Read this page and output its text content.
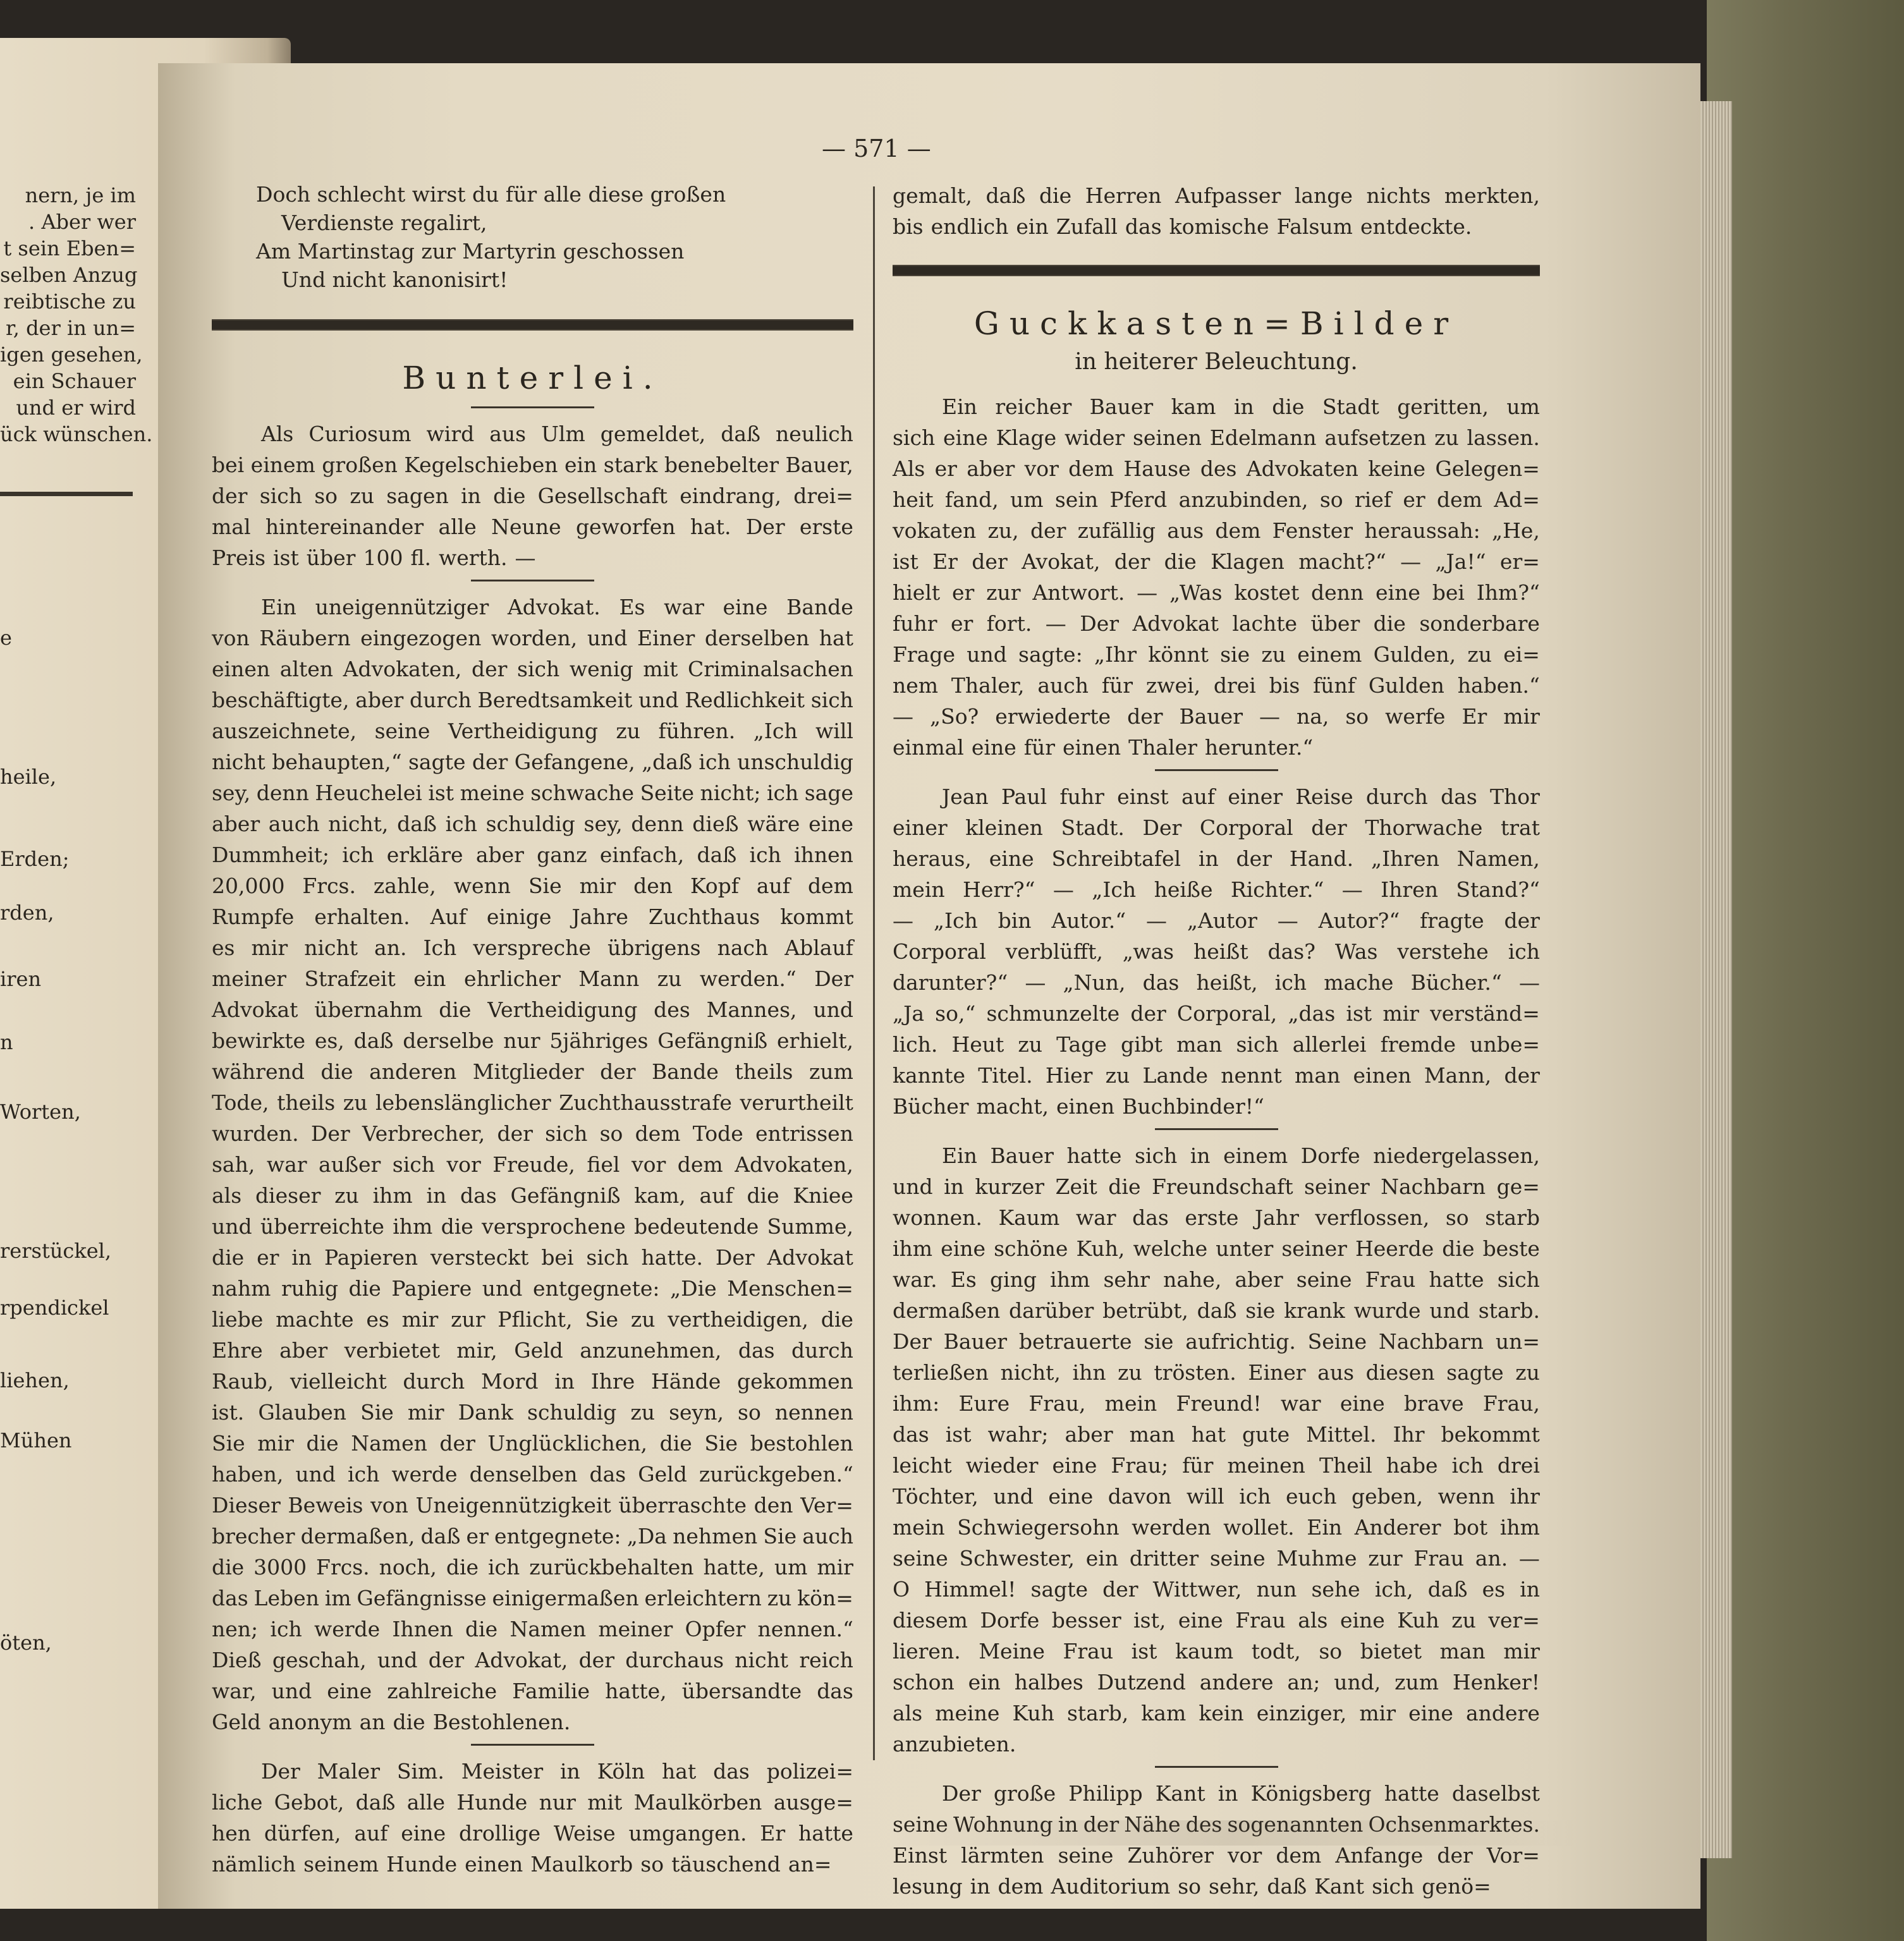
nern, je im
. Aber wer
t sein Eben=
selben Anzug
reibtische zu
r, der in un=
igen gesehen,
ein Schauer
und er wird
ück wünschen.
e
heile,
Erden;
rden,
iren
n
Worten,
rerstückel,
rpendickel
liehen,
Mühen
öten,
— 571 —
Doch schlecht wirst du für alle diese großen
Verdienste regalirt,
Am Martinstag zur Martyrin geschossen
Und nicht kanonisirt!
Bunterlei.
Als Curiosum wird aus Ulm gemeldet, daß neulich
bei einem großen Kegelschieben ein stark benebelter Bauer,
der sich so zu sagen in die Gesellschaft eindrang, drei=
mal hintereinander alle Neune geworfen hat. Der erste
Preis ist über 100 fl. werth. —
Ein uneigennütziger Advokat. Es war eine Bande
von Räubern eingezogen worden, und Einer derselben hat
einen alten Advokaten, der sich wenig mit Criminalsachen
beschäftigte, aber durch Beredtsamkeit und Redlichkeit sich
auszeichnete, seine Vertheidigung zu führen. „Ich will
nicht behaupten,“ sagte der Gefangene, „daß ich unschuldig
sey, denn Heuchelei ist meine schwache Seite nicht; ich sage
aber auch nicht, daß ich schuldig sey, denn dieß wäre eine
Dummheit; ich erkläre aber ganz einfach, daß ich ihnen
20,000 Frcs. zahle, wenn Sie mir den Kopf auf dem
Rumpfe erhalten. Auf einige Jahre Zuchthaus kommt
es mir nicht an. Ich verspreche übrigens nach Ablauf
meiner Strafzeit ein ehrlicher Mann zu werden.“ Der
Advokat übernahm die Vertheidigung des Mannes, und
bewirkte es, daß derselbe nur 5jähriges Gefängniß erhielt,
während die anderen Mitglieder der Bande theils zum
Tode, theils zu lebenslänglicher Zuchthausstrafe verurtheilt
wurden. Der Verbrecher, der sich so dem Tode entrissen
sah, war außer sich vor Freude, fiel vor dem Advokaten,
als dieser zu ihm in das Gefängniß kam, auf die Kniee
und überreichte ihm die versprochene bedeutende Summe,
die er in Papieren versteckt bei sich hatte. Der Advokat
nahm ruhig die Papiere und entgegnete: „Die Menschen=
liebe machte es mir zur Pflicht, Sie zu vertheidigen, die
Ehre aber verbietet mir, Geld anzunehmen, das durch
Raub, vielleicht durch Mord in Ihre Hände gekommen
ist. Glauben Sie mir Dank schuldig zu seyn, so nennen
Sie mir die Namen der Unglücklichen, die Sie bestohlen
haben, und ich werde denselben das Geld zurückgeben.“
Dieser Beweis von Uneigennützigkeit überraschte den Ver=
brecher dermaßen, daß er entgegnete: „Da nehmen Sie auch
die 3000 Frcs. noch, die ich zurückbehalten hatte, um mir
das Leben im Gefängnisse einigermaßen erleichtern zu kön=
nen; ich werde Ihnen die Namen meiner Opfer nennen.“
Dieß geschah, und der Advokat, der durchaus nicht reich
war, und eine zahlreiche Familie hatte, übersandte das
Geld anonym an die Bestohlenen.
Der Maler Sim. Meister in Köln hat das polizei=
liche Gebot, daß alle Hunde nur mit Maulkörben ausge=
hen dürfen, auf eine drollige Weise umgangen. Er hatte
nämlich seinem Hunde einen Maulkorb so täuschend an=
gemalt, daß die Herren Aufpasser lange nichts merkten,
bis endlich ein Zufall das komische Falsum entdeckte.
Guckkasten=Bilder
in heiterer Beleuchtung.
Ein reicher Bauer kam in die Stadt geritten, um
sich eine Klage wider seinen Edelmann aufsetzen zu lassen.
Als er aber vor dem Hause des Advokaten keine Gelegen=
heit fand, um sein Pferd anzubinden, so rief er dem Ad=
vokaten zu, der zufällig aus dem Fenster heraussah: „He,
ist Er der Avokat, der die Klagen macht?“ — „Ja!“ er=
hielt er zur Antwort. — „Was kostet denn eine bei Ihm?“
fuhr er fort. — Der Advokat lachte über die sonderbare
Frage und sagte: „Ihr könnt sie zu einem Gulden, zu ei=
nem Thaler, auch für zwei, drei bis fünf Gulden haben.“
— „So? erwiederte der Bauer — na, so werfe Er mir
einmal eine für einen Thaler herunter.“
Jean Paul fuhr einst auf einer Reise durch das Thor
einer kleinen Stadt. Der Corporal der Thorwache trat
heraus, eine Schreibtafel in der Hand. „Ihren Namen,
mein Herr?“ — „Ich heiße Richter.“ — Ihren Stand?“
— „Ich bin Autor.“ — „Autor — Autor?“ fragte der
Corporal verblüfft, „was heißt das? Was verstehe ich
darunter?“ — „Nun, das heißt, ich mache Bücher.“ —
„Ja so,“ schmunzelte der Corporal, „das ist mir verständ=
lich. Heut zu Tage gibt man sich allerlei fremde unbe=
kannte Titel. Hier zu Lande nennt man einen Mann, der
Bücher macht, einen Buchbinder!“
Ein Bauer hatte sich in einem Dorfe niedergelassen,
und in kurzer Zeit die Freundschaft seiner Nachbarn ge=
wonnen. Kaum war das erste Jahr verflossen, so starb
ihm eine schöne Kuh, welche unter seiner Heerde die beste
war. Es ging ihm sehr nahe, aber seine Frau hatte sich
dermaßen darüber betrübt, daß sie krank wurde und starb.
Der Bauer betrauerte sie aufrichtig. Seine Nachbarn un=
terließen nicht, ihn zu trösten. Einer aus diesen sagte zu
ihm: Eure Frau, mein Freund! war eine brave Frau,
das ist wahr; aber man hat gute Mittel. Ihr bekommt
leicht wieder eine Frau; für meinen Theil habe ich drei
Töchter, und eine davon will ich euch geben, wenn ihr
mein Schwiegersohn werden wollet. Ein Anderer bot ihm
seine Schwester, ein dritter seine Muhme zur Frau an. —
O Himmel! sagte der Wittwer, nun sehe ich, daß es in
diesem Dorfe besser ist, eine Frau als eine Kuh zu ver=
lieren. Meine Frau ist kaum todt, so bietet man mir
schon ein halbes Dutzend andere an; und, zum Henker!
als meine Kuh starb, kam kein einziger, mir eine andere
anzubieten.
Der große Philipp Kant in Königsberg hatte daselbst
seine Wohnung in der Nähe des sogenannten Ochsenmarktes.
Einst lärmten seine Zuhörer vor dem Anfange der Vor=
lesung in dem Auditorium so sehr, daß Kant sich genö=
